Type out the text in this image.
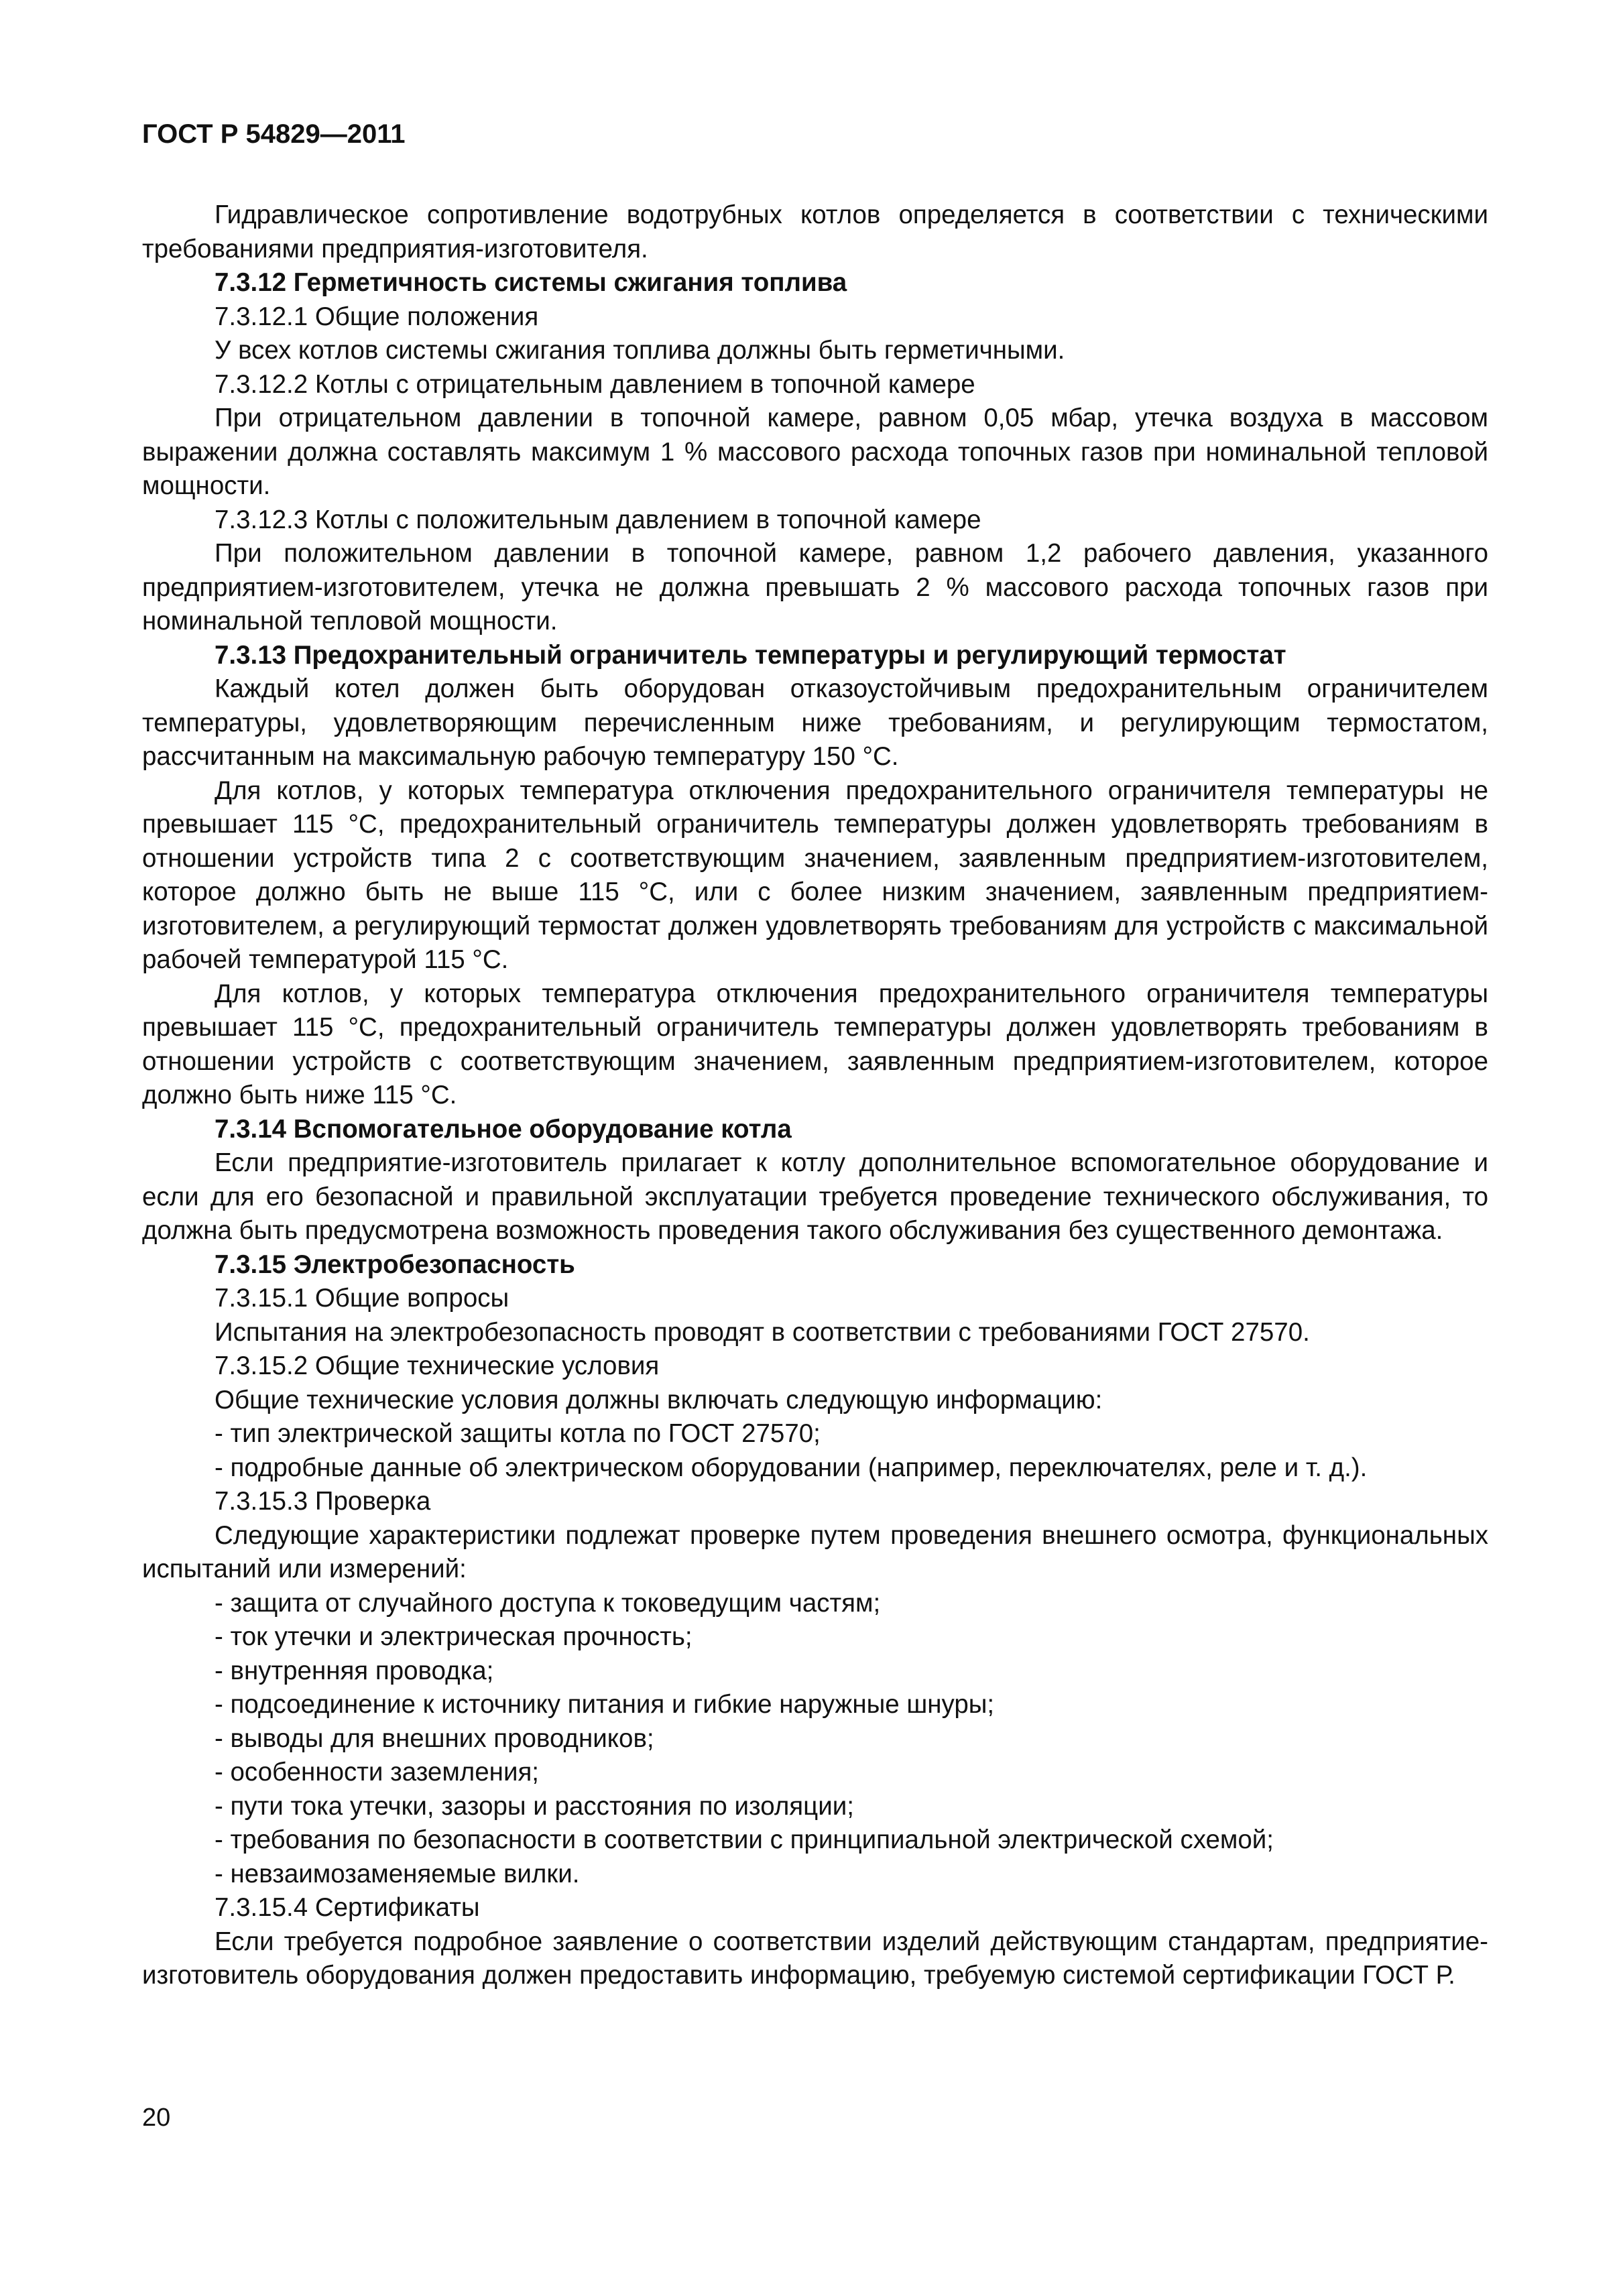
ГОСТ Р 54829—2011

Гидравлическое сопротивление водотрубных котлов определяется в соответствии с техническими требованиями предприятия-изготовителя.

7.3.12 Герметичность системы сжигания топлива

7.3.12.1 Общие положения

У всех котлов системы сжигания топлива должны быть герметичными.

7.3.12.2 Котлы с отрицательным давлением в топочной камере

При отрицательном давлении в топочной камере, равном 0,05 мбар, утечка воздуха в массовом выражении должна составлять максимум 1 % массового расхода топочных газов при номинальной тепловой мощности.

7.3.12.3 Котлы с положительным давлением в топочной камере

При положительном давлении в топочной камере, равном 1,2 рабочего давления, указанного предприятием-изготовителем, утечка не должна превышать 2 % массового расхода топочных газов при номинальной тепловой мощности.

7.3.13 Предохранительный ограничитель температуры и регулирующий термостат

Каждый котел должен быть оборудован отказоустойчивым предохранительным ограничителем температуры, удовлетворяющим перечисленным ниже требованиям, и регулирующим термостатом, рассчитанным на максимальную рабочую температуру 150 °С.

Для котлов, у которых температура отключения предохранительного ограничителя температуры не превышает 115 °С, предохранительный ограничитель температуры должен удовлетворять требованиям в отношении устройств типа 2 с соответствующим значением, заявленным предприятием-изготовителем, которое должно быть не выше 115 °С, или с более низким значением, заявленным предприятием-изготовителем, а регулирующий термостат должен удовлетворять требованиям для устройств с максимальной рабочей температурой 115 °С.

Для котлов, у которых температура отключения предохранительного ограничителя температуры превышает 115 °С, предохранительный ограничитель температуры должен удовлетворять требованиям в отношении устройств с соответствующим значением, заявленным предприятием-изготовителем, которое должно быть ниже 115 °С.

7.3.14 Вспомогательное оборудование котла

Если предприятие-изготовитель прилагает к котлу дополнительное вспомогательное оборудование и если для его безопасной и правильной эксплуатации требуется проведение технического обслуживания, то должна быть предусмотрена возможность проведения такого обслуживания без существенного демонтажа.

7.3.15 Электробезопасность

7.3.15.1 Общие вопросы

Испытания на электробезопасность проводят в соответствии с требованиями ГОСТ 27570.

7.3.15.2 Общие технические условия

Общие технические условия должны включать следующую информацию:

- тип электрической защиты котла по ГОСТ 27570;

- подробные данные об электрическом оборудовании (например, переключателях, реле и т. д.).

7.3.15.3 Проверка

Следующие характеристики подлежат проверке путем проведения внешнего осмотра, функциональных испытаний или измерений:

- защита от случайного доступа к токоведущим частям;

- ток утечки и электрическая прочность;

- внутренняя проводка;

- подсоединение к источнику питания и гибкие наружные шнуры;

- выводы для внешних проводников;

- особенности заземления;

- пути тока утечки, зазоры и расстояния по изоляции;

- требования по безопасности в соответствии с принципиальной электрической схемой;

- невзаимозаменяемые вилки.

7.3.15.4 Сертификаты

Если требуется подробное заявление о соответствии изделий действующим стандартам, предприятие-изготовитель оборудования должен предоставить информацию, требуемую системой сертификации ГОСТ Р.

20
